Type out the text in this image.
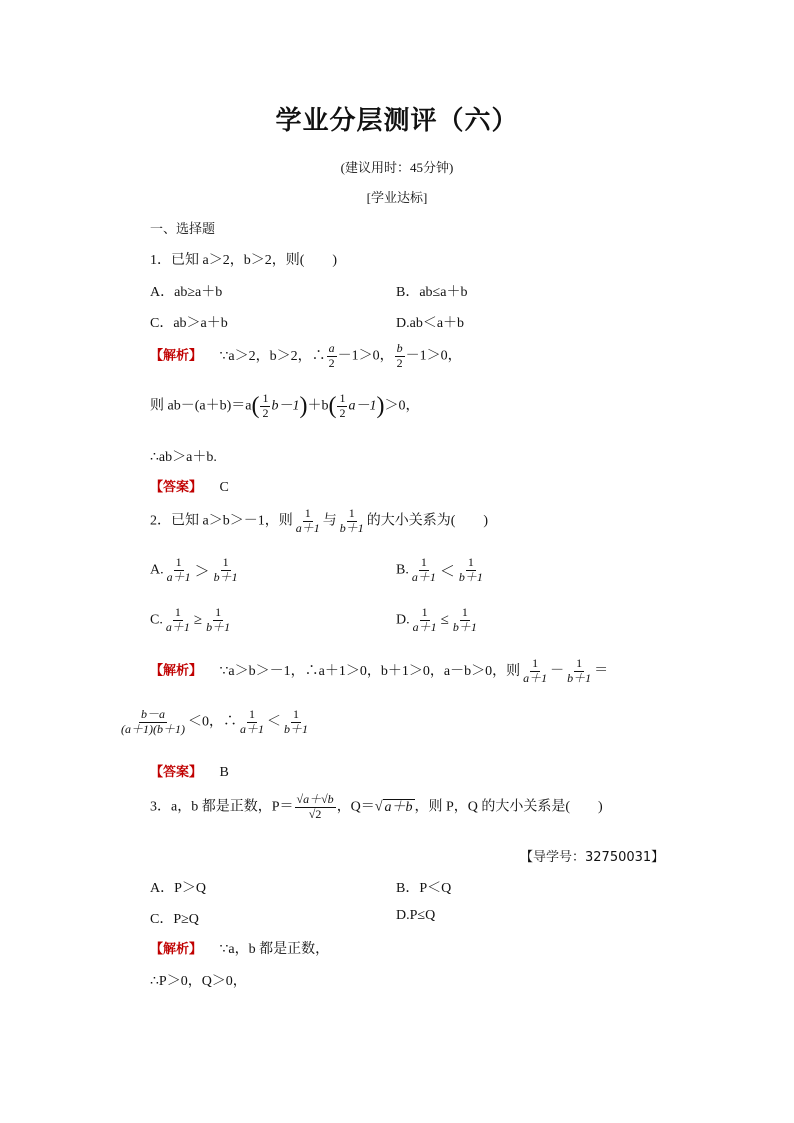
学业分层测评（六）
(建议用时：45分钟)
[学业达标]
一、选择题
1．已知 a＞2，b＞2，则(　　)
A．ab≥a＋b	B．ab≤a＋b
C．ab＞a＋b	D.ab＜a＋b
【解析】 ∵a＞2，b＞2，∴ $\frac{a}{2} -1>0$， $\frac{b}{2} -1>0$，
则 $ab-(a+b)=a( \frac{1}{2} b-1)+b( \frac{1}{2} a-1)>0$，
∴ab＞a＋b.
【答案】 C
2．已知 a＞b＞－1，则 $\frac{1}{a+1}$ 与 $\frac{1}{b+1}$ 的大小关系为(　　)
A. $\frac{1}{a+1} > \frac{1}{b+1}$	B. $\frac{1}{a+1} < \frac{1}{b+1}$
C. $\frac{1}{a+1} \ge \frac{1}{b+1}$	D. $\frac{1}{a+1} \le \frac{1}{b+1}$
【解析】 ∵a＞b＞－1，∴a＋1＞0，b＋1＞0，a－b＞0，则 $\frac{1}{a+1} - \frac{1}{b+1}$ ＝
$\frac{b-a}{(a+1)(b+1)} <0$，∴ $\frac{1}{a+1} < \frac{1}{b+1}$
【答案】 B
3．a，b 都是正数，$P= \frac{√a+√b}{√2}$ ，Q＝√ a＋b ，则 P，Q 的大小关系是(　　)
【导学号：32750031】
A．P＞Q	B．P＜Q
C．P≥Q	D.P≤Q
【解析】 ∵a，b 都是正数，
∴P＞0，Q＞0，
